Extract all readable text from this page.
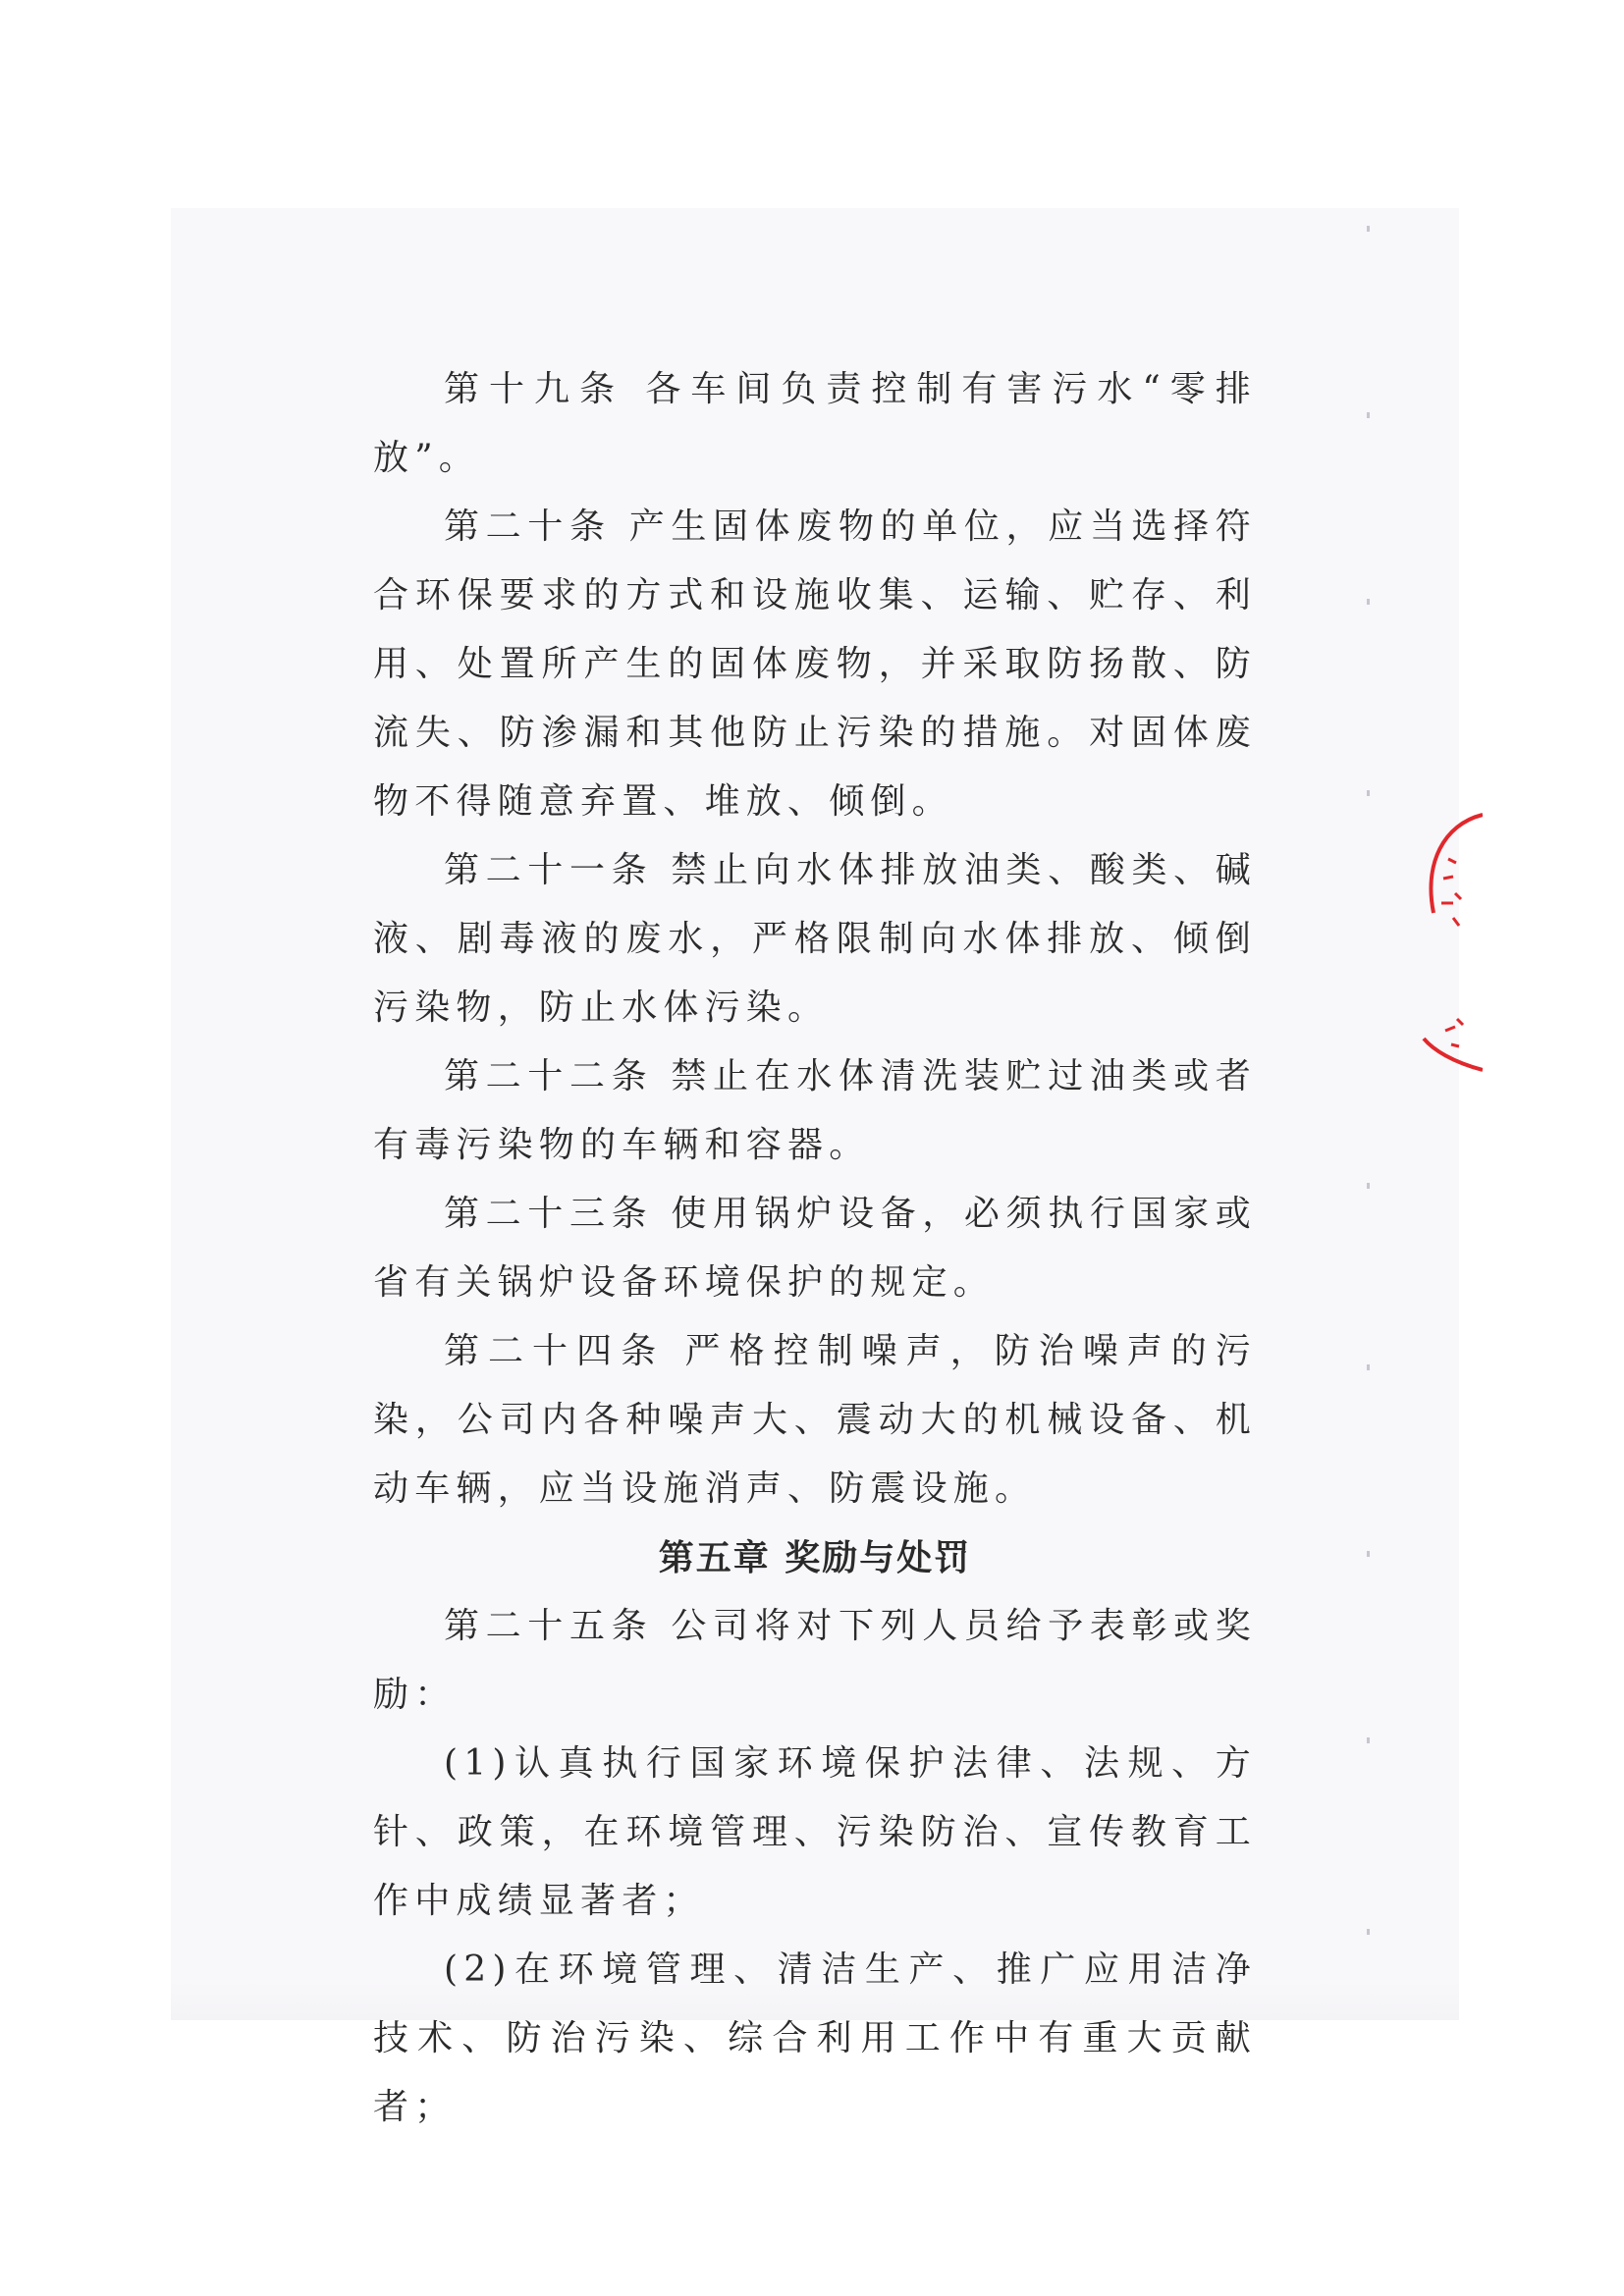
第十九条 各车间负责控制有害污水“零排放”。

第二十条 产生固体废物的单位，应当选择符合环保要求的方式和设施收集、运输、贮存、利用、处置所产生的固体废物，并采取防扬散、防流失、防渗漏和其他防止污染的措施。对固体废物不得随意弃置、堆放、倾倒。

第二十一条 禁止向水体排放油类、酸类、碱液、剧毒液的废水，严格限制向水体排放、倾倒污染物，防止水体污染。

第二十二条 禁止在水体清洗装贮过油类或者有毒污染物的车辆和容器。

第二十三条 使用锅炉设备，必须执行国家或省有关锅炉设备环境保护的规定。

第二十四条 严格控制噪声，防治噪声的污染，公司内各种噪声大、震动大的机械设备、机动车辆，应当设施消声、防震设施。

第五章 奖励与处罚

第二十五条 公司将对下列人员给予表彰或奖励：

(1)认真执行国家环境保护法律、法规、方针、政策，在环境管理、污染防治、宣传教育工作中成绩显著者；

(2)在环境管理、清洁生产、推广应用洁净技术、防治污染、综合利用工作中有重大贡献者；
